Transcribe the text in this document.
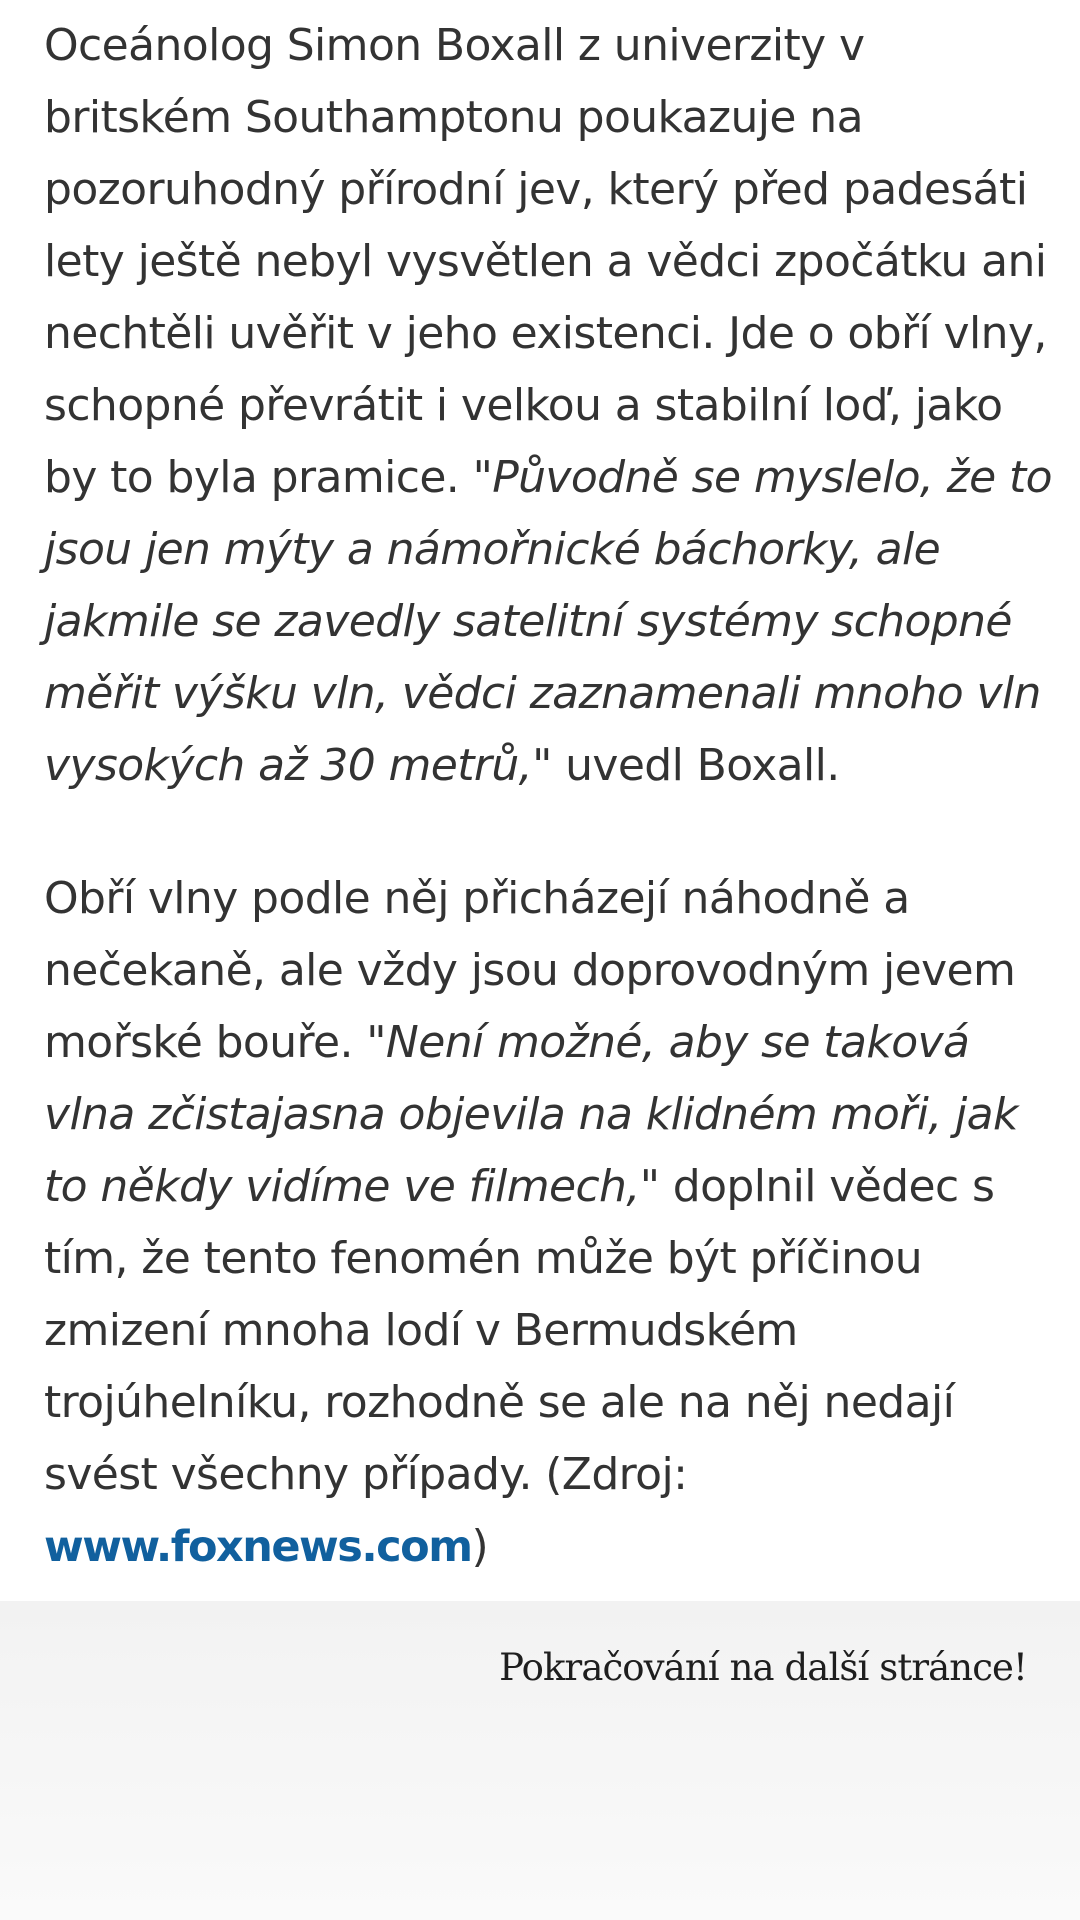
Oceánolog Simon Boxall z univerzity v britském Southamptonu poukazuje na pozoruhodný přírodní jev, který před padesáti lety ještě nebyl vysvětlen a vědci zpočátku ani nechtěli uvěřit v jeho existenci. Jde o obří vlny, schopné převrátit i velkou a stabilní loď, jako by to byla pramice. "Původně se myslelo, že to jsou jen mýty a námořnické báchorky, ale jakmile se zavedly satelitní systémy schopné měřit výšku vln, vědci zaznamenali mnoho vln vysokých až 30 metrů," uvedl Boxall.

Obří vlny podle něj přicházejí náhodně a nečekaně, ale vždy jsou doprovodným jevem mořské bouře. "Není možné, aby se taková vlna zčistajasna objevila na klidném moři, jak to někdy vidíme ve filmech," doplnil vědec s tím, že tento fenomén může být příčinou zmizení mnoha lodí v Bermudském trojúhelníku, rozhodně se ale na něj nedají svést všechny případy. (Zdroj: www.foxnews.com)

Pokračování na další stránce!
